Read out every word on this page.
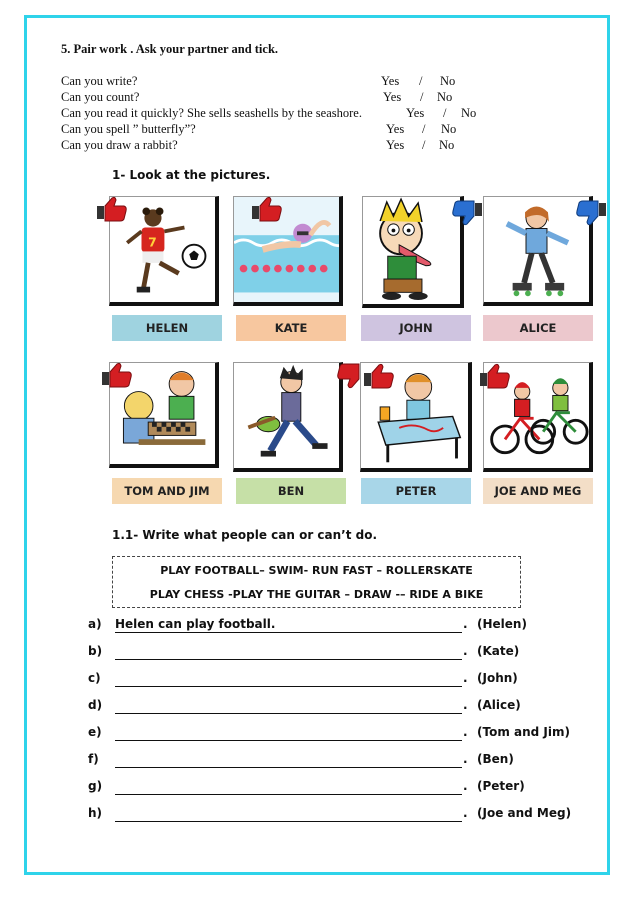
5. Pair work . Ask your partner and tick.
Can you write?	Yes / No
Can you count?	Yes / No
Can you read it quickly? She sells seashells by the seashore.	Yes / No
Can you spell ” butterfly”?	Yes / No
Can you draw a rabbit?	Yes / No
1- Look at the pictures.
7
HELEN	KATE	JOHN	ALICE
TOM AND JIM	BEN	PETER	JOE AND MEG
1.1- Write what people can or can’t do.
PLAY FOOTBALL– SWIM- RUN FAST – ROLLERSKATE
PLAY CHESS -PLAY THE GUITAR – DRAW -– RIDE A BIKE
a) Helen can play football.	. (Helen)
b)	. (Kate)
c)	. (John)
d)	. (Alice)
e)	. (Tom and Jim)
f)	. (Ben)
g)	. (Peter)
h)	. (Joe and Meg)
